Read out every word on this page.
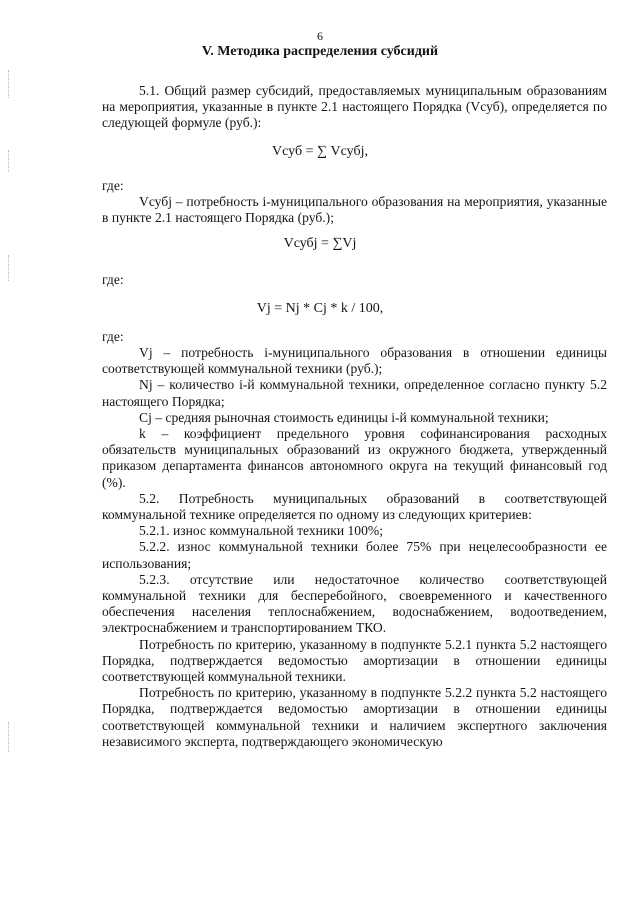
6
V. Методика распределения субсидий
5.1. Общий размер субсидий, предоставляемых муниципальным образованиям на мероприятия, указанные в пункте 2.1 настоящего Порядка (Vсуб), определяется по следующей формуле (руб.):
Vсуб = ∑ Vсубj,
где:
Vсубj – потребность i-муниципального образования на мероприятия, указанные в пункте 2.1 настоящего Порядка (руб.);
Vсубj = ∑Vj
где:
Vj = Nj * Cj * k / 100,
где:

Vj – потребность i-муниципального образования в отношении единицы соответствующей коммунальной техники (руб.);

Nj – количество i-й коммунальной техники, определенное согласно пункту 5.2 настоящего Порядка;

Cj – средняя рыночная стоимость единицы i-й коммунальной техники;

k – коэффициент предельного уровня софинансирования расходных обязательств муниципальных образований из окружного бюджета, утвержденный приказом департамента финансов автономного округа на текущий финансовый год (%).

5.2. Потребность муниципальных образований в соответствующей коммунальной технике определяется по одному из следующих критериев:

5.2.1. износ коммунальной техники 100%;

5.2.2. износ коммунальной техники более 75% при нецелесообразности ее использования;

5.2.3. отсутствие или недостаточное количество соответствующей коммунальной техники для бесперебойного, своевременного и качественного обеспечения населения теплоснабжением, водоснабжением, водоотведением, электроснабжением и транспортированием ТКО.

Потребность по критерию, указанному в подпункте 5.2.1 пункта 5.2 настоящего Порядка, подтверждается ведомостью амортизации в отношении единицы соответствующей коммунальной техники.

Потребность по критерию, указанному в подпункте 5.2.2 пункта 5.2 настоящего Порядка, подтверждается ведомостью амортизации в отношении единицы соответствующей коммунальной техники и наличием экспертного заключения независимого эксперта, подтверждающего экономическую
